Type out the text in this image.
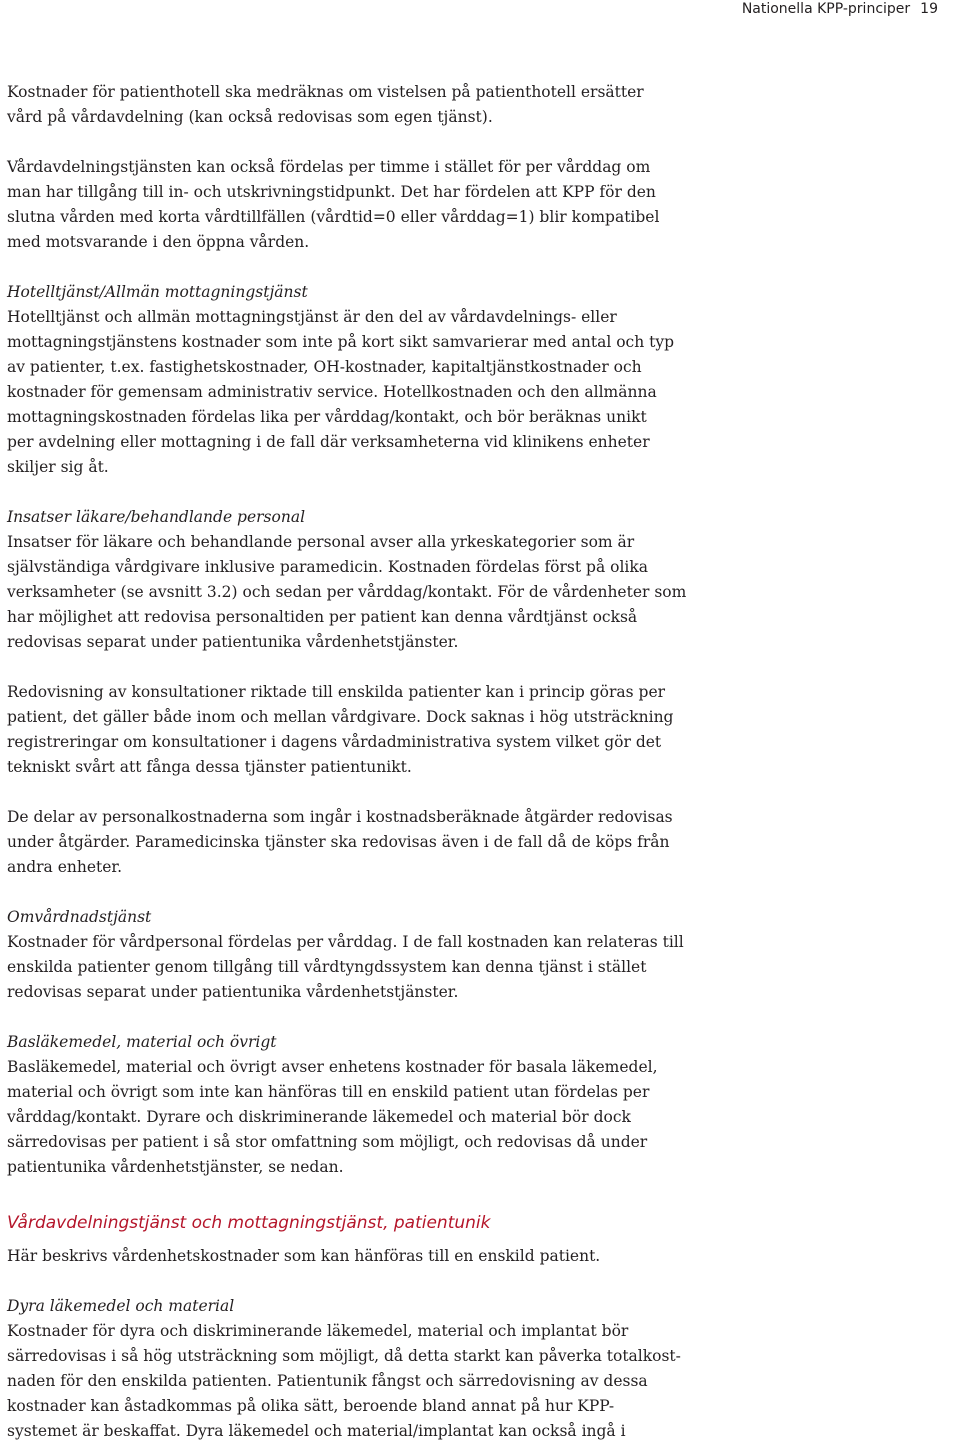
Nationella KPP-principer 19

Kostnader för patienthotell ska medräknas om vistelsen på patienthotell ersätter
vård på vårdavdelning (kan också redovisas som egen tjänst).

Vårdavdelningstjänsten kan också fördelas per timme i stället för per vårddag om
man har tillgång till in- och utskrivningstidpunkt. Det har fördelen att KPP för den
slutna vården med korta vårdtillfällen (vårdtid=0 eller vårddag=1) blir kompatibel
med motsvarande i den öppna vården.

Hotelltjänst/Allmän mottagningstjänst

Hotelltjänst och allmän mottagningstjänst är den del av vårdavdelnings- eller
mottagningstjänstens kostnader som inte på kort sikt samvarierar med antal och typ
av patienter, t.ex. fastighetskostnader, OH-kostnader, kapitaltjänstkostnader och
kostnader för gemensam administrativ service. Hotellkostnaden och den allmänna
mottagningskostnaden fördelas lika per vårddag/kontakt, och bör beräknas unikt
per avdelning eller mottagning i de fall där verksamheterna vid klinikens enheter
skiljer sig åt.

Insatser läkare/behandlande personal

Insatser för läkare och behandlande personal avser alla yrkeskategorier som är
självständiga vårdgivare inklusive paramedicin. Kostnaden fördelas först på olika
verksamheter (se avsnitt 3.2) och sedan per vårddag/kontakt. För de vårdenheter som
har möjlighet att redovisa personaltiden per patient kan denna vårdtjänst också
redovisas separat under patientunika vårdenhetstjänster.

Redovisning av konsultationer riktade till enskilda patienter kan i princip göras per
patient, det gäller både inom och mellan vårdgivare. Dock saknas i hög utsträckning
registreringar om konsultationer i dagens vårdadministrativa system vilket gör det
tekniskt svårt att fånga dessa tjänster patientunikt.

De delar av personalkostnaderna som ingår i kostnadsberäknade åtgärder redovisas
under åtgärder. Paramedicinska tjänster ska redovisas även i de fall då de köps från
andra enheter.

Omvårdnadstjänst

Kostnader för vårdpersonal fördelas per vårddag. I de fall kostnaden kan relateras till
enskilda patienter genom tillgång till vårdtyngdssystem kan denna tjänst i stället
redovisas separat under patientunika vårdenhetstjänster.

Basläkemedel, material och övrigt

Basläkemedel, material och övrigt avser enhetens kostnader för basala läkemedel,
material och övrigt som inte kan hänföras till en enskild patient utan fördelas per
vårddag/kontakt. Dyrare och diskriminerande läkemedel och material bör dock
särredovisas per patient i så stor omfattning som möjligt, och redovisas då under
patientunika vårdenhetstjänster, se nedan.

Vårdavdelningstjänst och mottagningstjänst, patientunik

Här beskrivs vårdenhetskostnader som kan hänföras till en enskild patient.

Dyra läkemedel och material

Kostnader för dyra och diskriminerande läkemedel, material och implantat bör
särredovisas i så hög utsträckning som möjligt, då detta starkt kan påverka totalkost-
naden för den enskilda patienten. Patientunik fångst och särredovisning av dessa
kostnader kan åstadkommas på olika sätt, beroende bland annat på hur KPP-
systemet är beskaffat. Dyra läkemedel och material/implantat kan också ingå i
